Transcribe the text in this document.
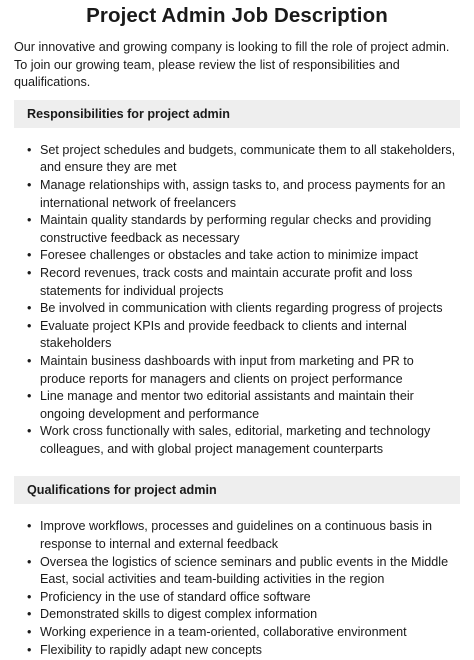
Project Admin Job Description

Our innovative and growing company is looking to fill the role of project admin. To join our growing team, please review the list of responsibilities and qualifications.

Responsibilities for project admin
• Set project schedules and budgets, communicate them to all stakeholders, and ensure they are met
• Manage relationships with, assign tasks to, and process payments for an international network of freelancers
• Maintain quality standards by performing regular checks and providing constructive feedback as necessary
• Foresee challenges or obstacles and take action to minimize impact
• Record revenues, track costs and maintain accurate profit and loss statements for individual projects
• Be involved in communication with clients regarding progress of projects
• Evaluate project KPIs and provide feedback to clients and internal stakeholders
• Maintain business dashboards with input from marketing and PR to produce reports for managers and clients on project performance
• Line manage and mentor two editorial assistants and maintain their ongoing development and performance
• Work cross functionally with sales, editorial, marketing and technology colleagues, and with global project management counterparts
Qualifications for project admin
• Improve workflows, processes and guidelines on a continuous basis in response to internal and external feedback
• Oversea the logistics of science seminars and public events in the Middle East, social activities and team-building activities in the region
• Proficiency in the use of standard office software
• Demonstrated skills to digest complex information
• Working experience in a team-oriented, collaborative environment
• Flexibility to rapidly adapt new concepts
